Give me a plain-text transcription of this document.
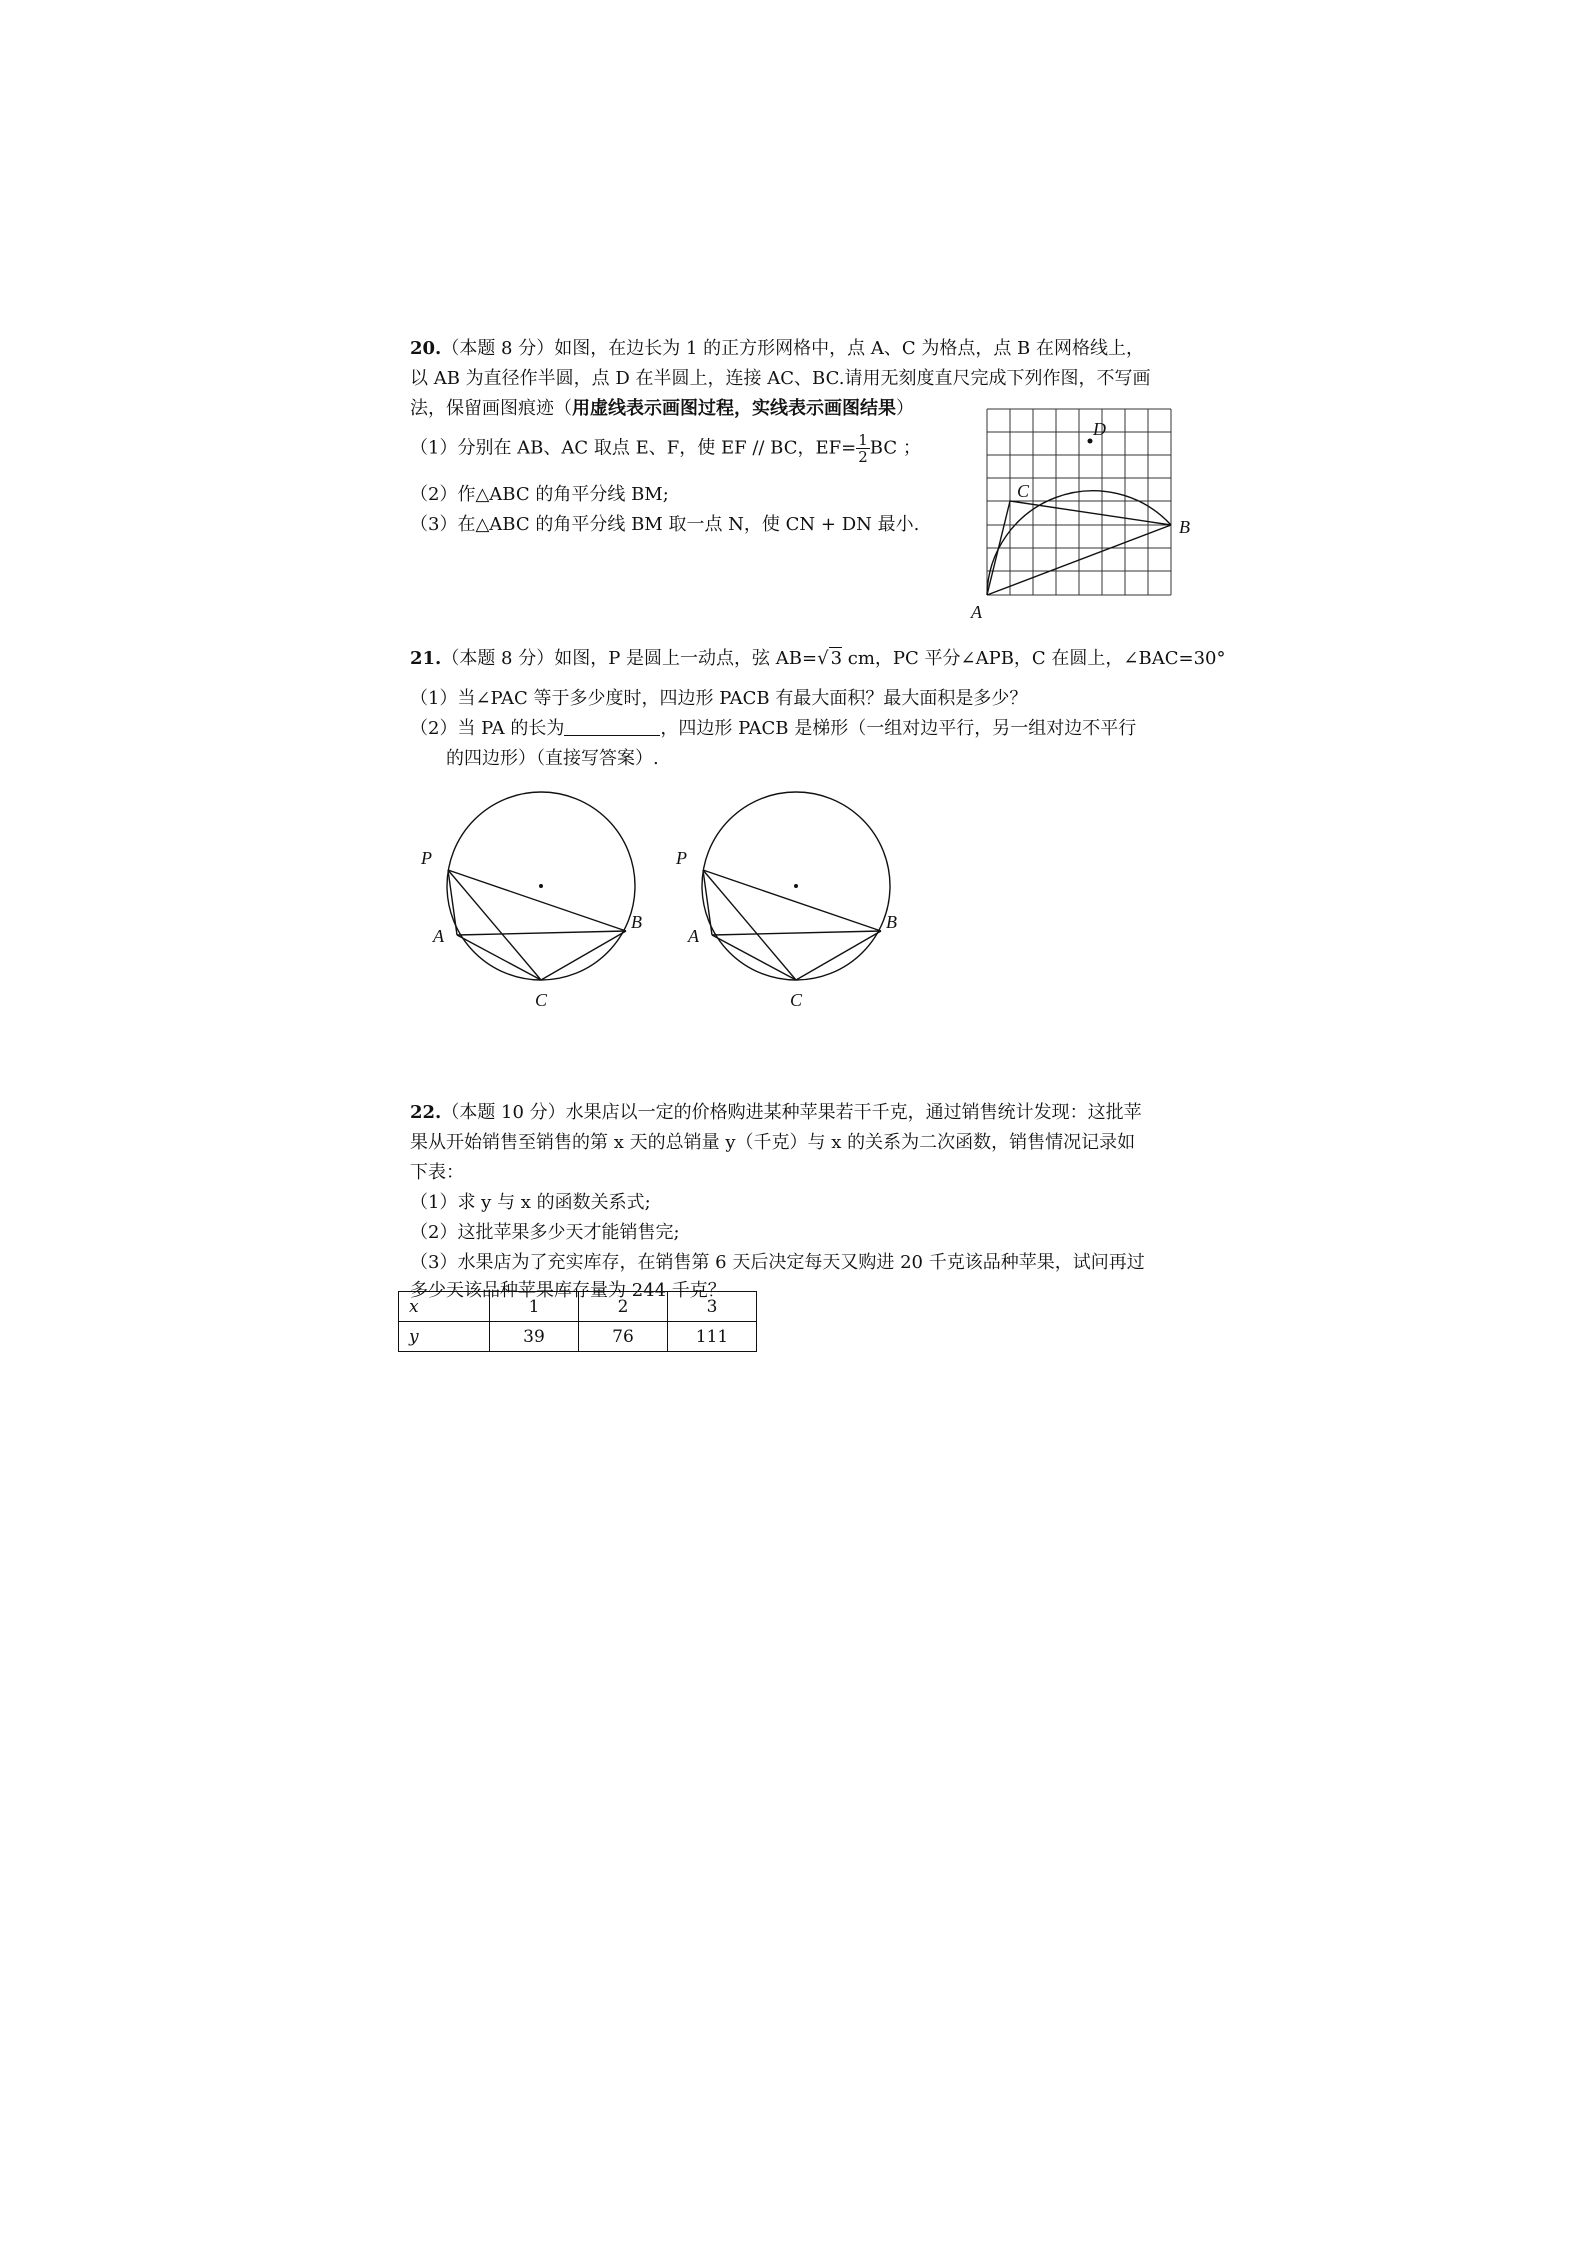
20.（本题 8 分）如图，在边长为 1 的正方形网格中，点 A、C 为格点，点 B 在网格线上，
以 AB 为直径作半圆，点 D 在半圆上，连接 AC、BC.请用无刻度直尺完成下列作图，不写画
法，保留画图痕迹（用虚线表示画图过程，实线表示画图结果）
（1）分别在 AB、AC 取点 E、F，使 EF // BC，$EF= \frac{1}{2}$ BC ；
（2）作△ABC 的角平分线 BM;
（3）在△ABC 的角平分线 BM 取一点 N，使 CN + DN 最小.
A
B
C
D
21.（本题 8 分）如图，P 是圆上一动点，弦 AB=√ 3 cm，PC 平分∠APB，C 在圆上，∠BAC=30°
（1）当∠PAC 等于多少度时，四边形 PACB 有最大面积？最大面积是多少？
（2）当 PA 的长为	，四边形 PACB 是梯形（一组对边平行，另一组对边不平行
的四边形）（直接写答案）.
P
A
B
C
P
A
B
C
22.（本题 10 分）水果店以一定的价格购进某种苹果若干千克，通过销售统计发现：这批苹
果从开始销售至销售的第 x 天的总销量 y（千克）与 x 的关系为二次函数，销售情况记录如
下表：
（1）求 y 与 x 的函数关系式;
（2）这批苹果多少天才能销售完;
（3）水果店为了充实库存，在销售第 6 天后决定每天又购进 20 千克该品种苹果，试问再过
多少天该品种苹果库存量为 244 千克？
x	1	2	3
y	39	76	111
